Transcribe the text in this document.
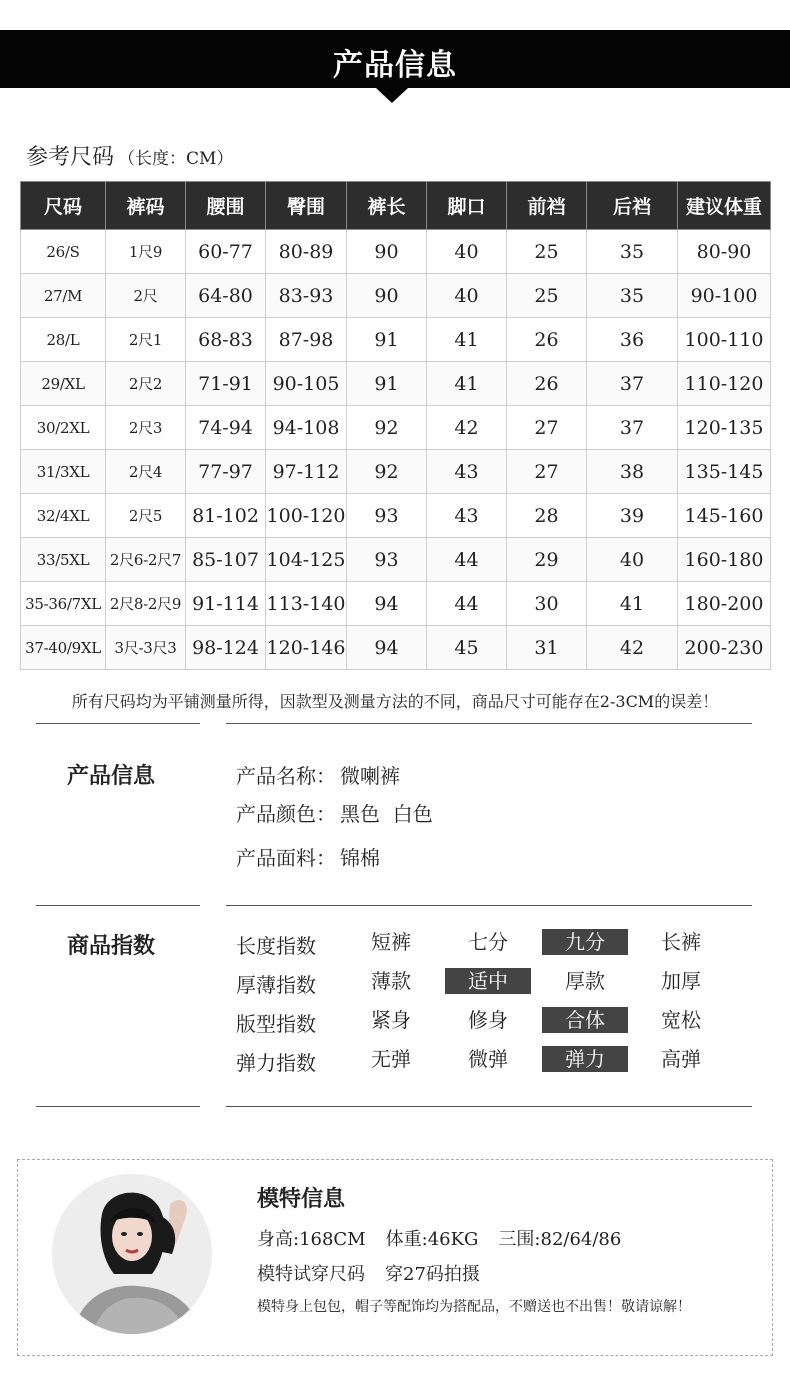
产品信息
参考尺码 （长度：CM）
尺码	裤码	腰围	臀围	裤长	脚口	前裆	后裆	建议体重
26/S	1尺9	60-77	80-89	90	40	25	35	80-90
27/M	2尺	64-80	83-93	90	40	25	35	90-100
28/L	2尺1	68-83	87-98	91	41	26	36	100-110
29/XL	2尺2	71-91	90-105	91	41	26	37	110-120
30/2XL	2尺3	74-94	94-108	92	42	27	37	120-135
31/3XL	2尺4	77-97	97-112	92	43	27	38	135-145
32/4XL	2尺5	81-102	100-120	93	43	28	39	145-160
33/5XL	2尺6-2尺7	85-107	104-125	93	44	29	40	160-180
35-36/7XL	2尺8-2尺9	91-114	113-140	94	44	30	41	180-200
37-40/9XL	3尺-3尺3	98-124	120-146	94	45	31	42	200-230
所有尺码均为平铺测量所得，因款型及测量方法的不同，商品尺寸可能存在2-3CM的误差！
产品信息	产品名称： 微喇裤
产品颜色： 黑色  白色
产品面料： 锦棉
商品指数	长度指数	短裤	七分	九分	长裤
厚薄指数	薄款	适中	厚款	加厚
版型指数	紧身	修身	合体	宽松
弹力指数	无弹	微弹	弹力	高弹
模特信息
身高:168CM 体重:46KG 三围:82/64/86
模特试穿尺码 穿27码拍摄
模特身上包包，帽子等配饰均为搭配品，不赠送也不出售！敬请谅解！
